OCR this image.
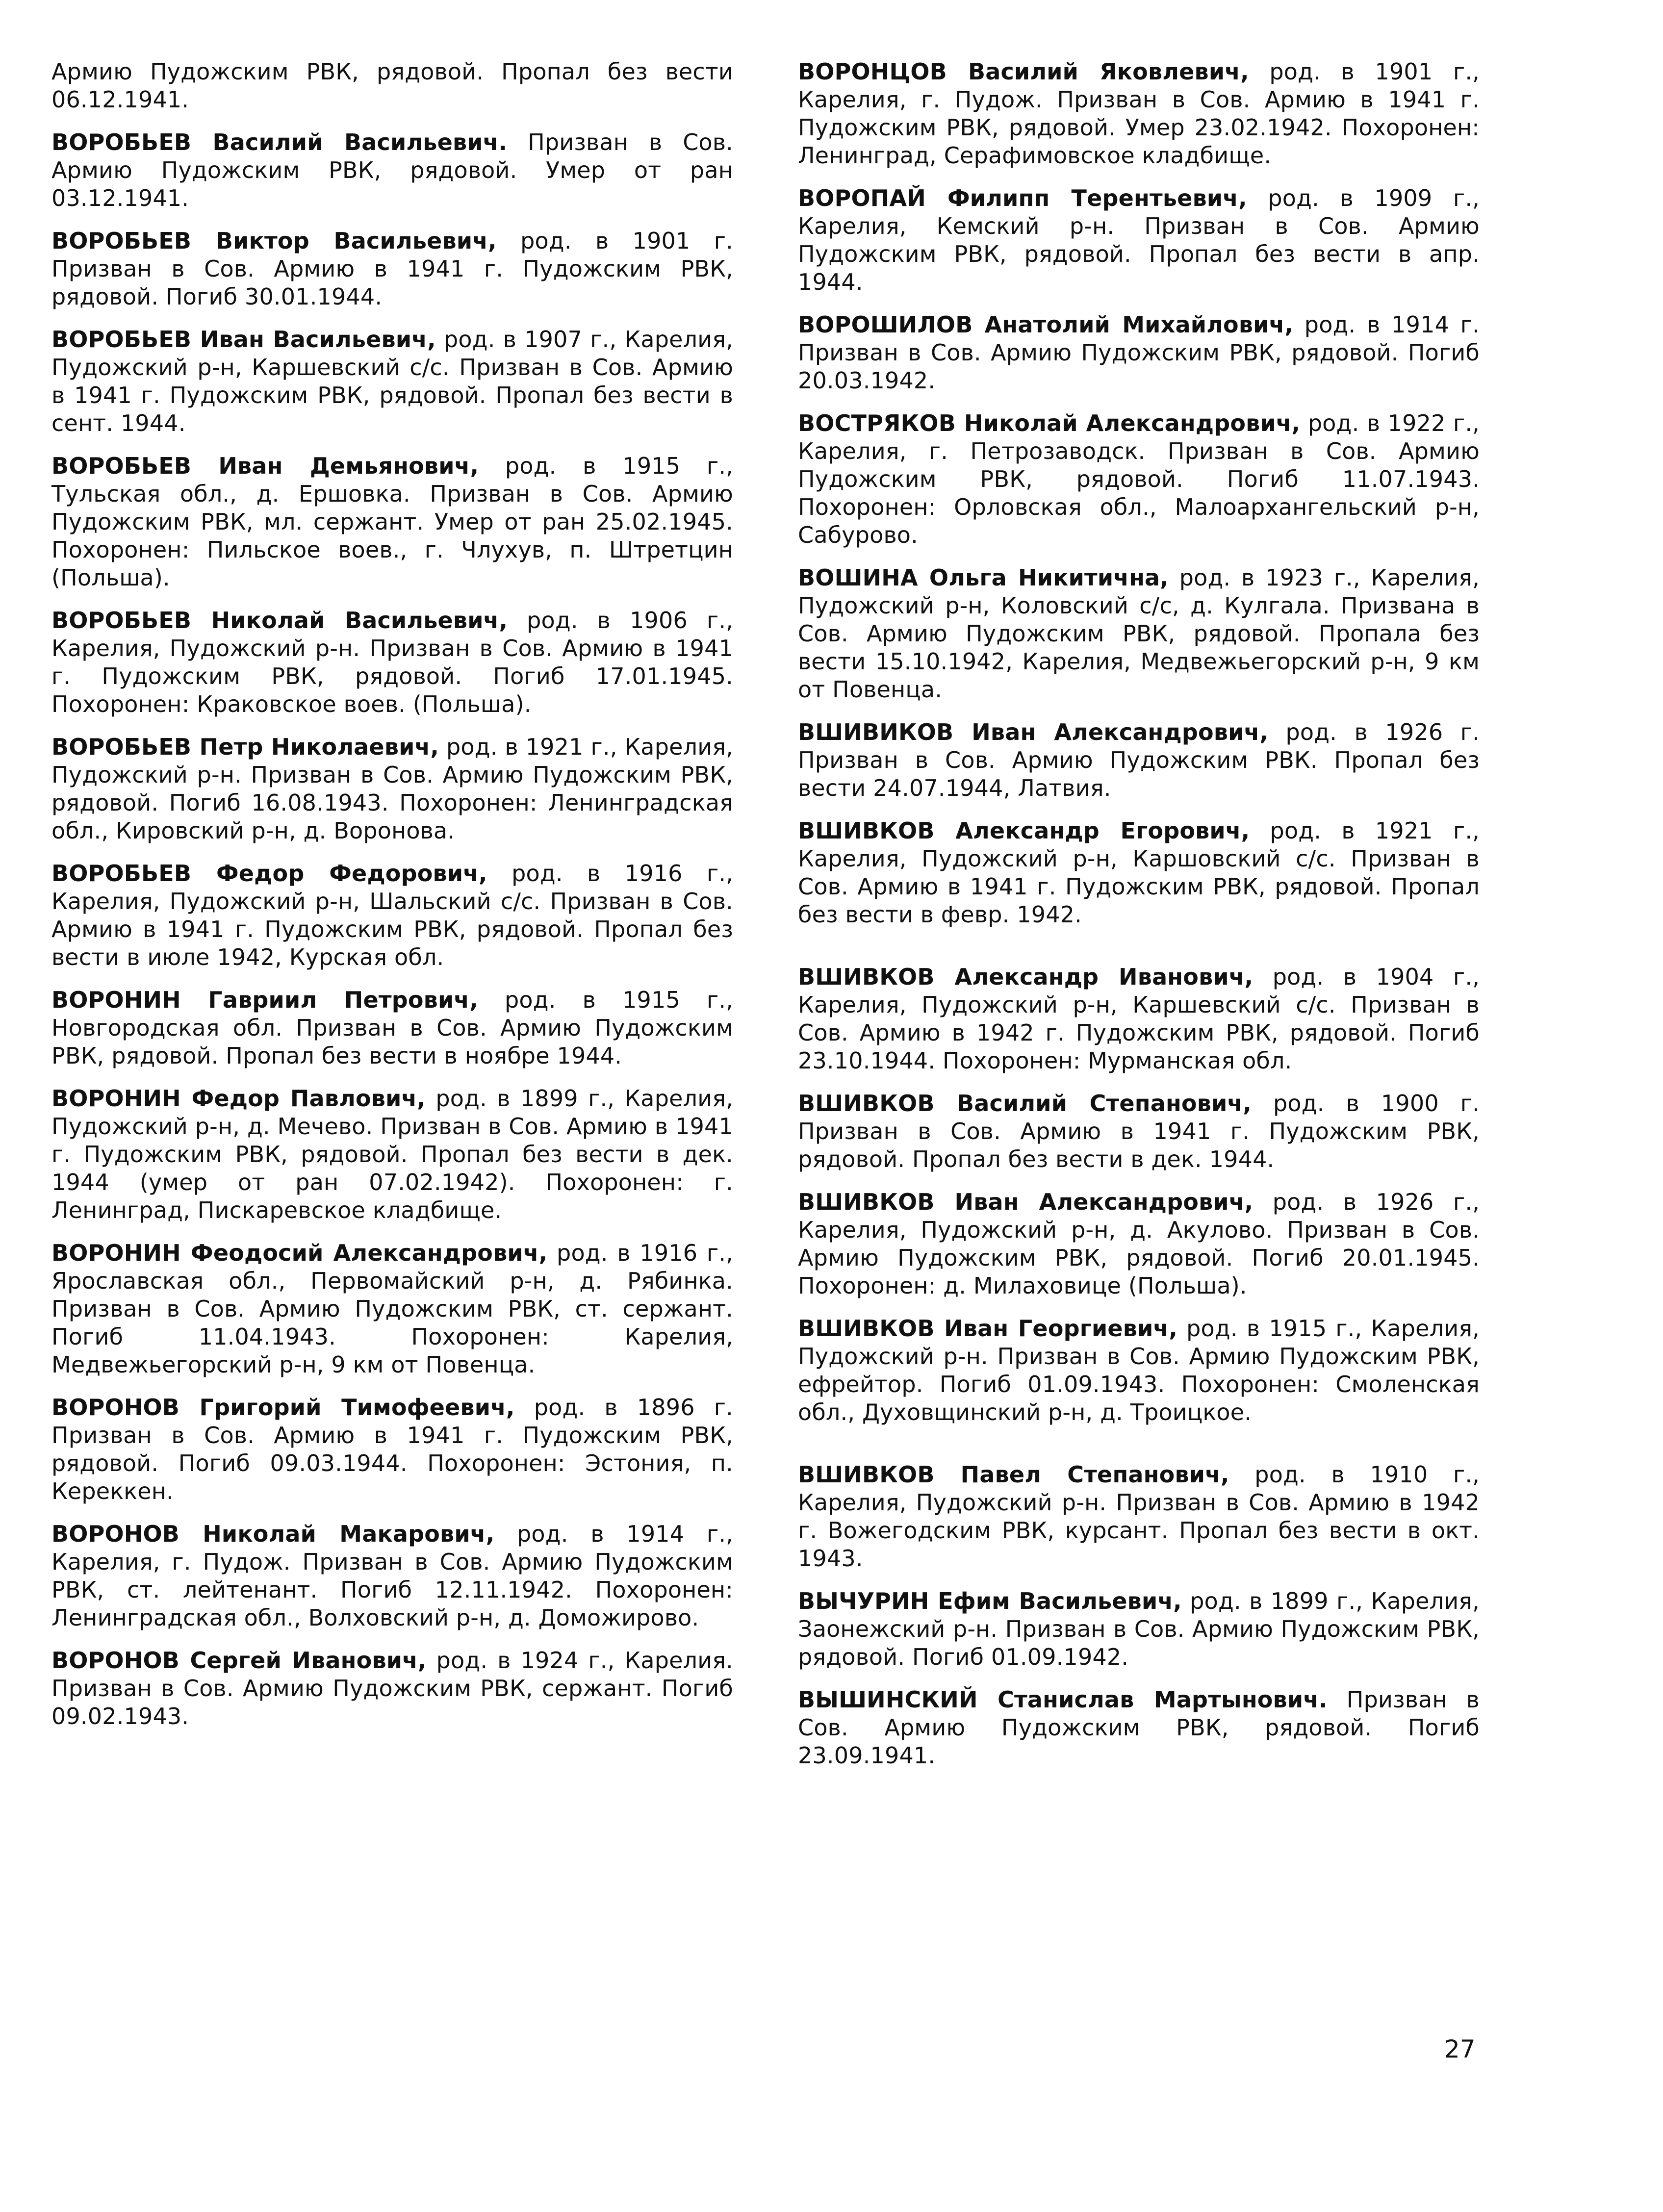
Армию Пудожским РВК, рядовой. Пропал без вести 06.12.1941.

ВОРОБЬЕВ Василий Васильевич. Призван в Сов. Армию Пудожским РВК, рядовой. Умер от ран 03.12.1941.

ВОРОБЬЕВ Виктор Васильевич, род. в 1901 г. Призван в Сов. Армию в 1941 г. Пудожским РВК, рядовой. Погиб 30.01.1944.

ВОРОБЬЕВ Иван Васильевич, род. в 1907 г., Карелия, Пудожский р-н, Каршевский с/с. Призван в Сов. Армию в 1941 г. Пудожским РВК, рядовой. Пропал без вести в сент. 1944.

ВОРОБЬЕВ Иван Демьянович, род. в 1915 г., Тульская обл., д. Ершовка. Призван в Сов. Армию Пудожским РВК, мл. сержант. Умер от ран 25.02.1945. Похоронен: Пильское воев., г. Члухув, п. Штретцин (Польша).

ВОРОБЬЕВ Николай Васильевич, род. в 1906 г., Карелия, Пудожский р-н. Призван в Сов. Армию в 1941 г. Пудожским РВК, рядовой. Погиб 17.01.1945. Похоронен: Краковское воев. (Польша).

ВОРОБЬЕВ Петр Николаевич, род. в 1921 г., Карелия, Пудожский р-н. Призван в Сов. Армию Пудожским РВК, рядовой. Погиб 16.08.1943. Похоронен: Ленинградская обл., Кировский р-н, д. Воронова.

ВОРОБЬЕВ Федор Федорович, род. в 1916 г., Карелия, Пудожский р-н, Шальский с/с. Призван в Сов. Армию в 1941 г. Пудожским РВК, рядовой. Пропал без вести в июле 1942, Курская обл.

ВОРОНИН Гавриил Петрович, род. в 1915 г., Новгородская обл. Призван в Сов. Армию Пудожским РВК, рядовой. Пропал без вести в ноябре 1944.

ВОРОНИН Федор Павлович, род. в 1899 г., Карелия, Пудожский р-н, д. Мечево. Призван в Сов. Армию в 1941 г. Пудожским РВК, рядовой. Пропал без вести в дек. 1944 (умер от ран 07.02.1942). Похоронен: г. Ленинград, Пискаревское кладбище.

ВОРОНИН Феодосий Александрович, род. в 1916 г., Ярославская обл., Первомайский р-н, д. Рябинка. Призван в Сов. Армию Пудожским РВК, ст. сержант. Погиб 11.04.1943. Похоронен: Карелия, Медвежьегорский р-н, 9 км от Повенца.

ВОРОНОВ Григорий Тимофеевич, род. в 1896 г. Призван в Сов. Армию в 1941 г. Пудожским РВК, рядовой. Погиб 09.03.1944. Похоронен: Эстония, п. Кереккен.

ВОРОНОВ Николай Макарович, род. в 1914 г., Карелия, г. Пудож. Призван в Сов. Армию Пудожским РВК, ст. лейтенант. Погиб 12.11.1942. Похоронен: Ленинградская обл., Волховский р-н, д. Доможирово.

ВОРОНОВ Сергей Иванович, род. в 1924 г., Карелия. Призван в Сов. Армию Пудожским РВК, сержант. Погиб 09.02.1943.

ВОРОНЦОВ Василий Яковлевич, род. в 1901 г., Карелия, г. Пудож. Призван в Сов. Армию в 1941 г. Пудожским РВК, рядовой. Умер 23.02.1942. Похоронен: Ленинград, Серафимовское кладбище.

ВОРОПАЙ Филипп Терентьевич, род. в 1909 г., Карелия, Кемский р-н. Призван в Сов. Армию Пудожским РВК, рядовой. Пропал без вести в апр. 1944.

ВОРОШИЛОВ Анатолий Михайлович, род. в 1914 г. Призван в Сов. Армию Пудожским РВК, рядовой. Погиб 20.03.1942.

ВОСТРЯКОВ Николай Александрович, род. в 1922 г., Карелия, г. Петрозаводск. Призван в Сов. Армию Пудожским РВК, рядовой. Погиб 11.07.1943. Похоронен: Орловская обл., Малоархангельский р-н, Сабурово.

ВОШИНА Ольга Никитична, род. в 1923 г., Карелия, Пудожский р-н, Коловский с/с, д. Кулгала. Призвана в Сов. Армию Пудожским РВК, рядовой. Пропала без вести 15.10.1942, Карелия, Медвежьегорский р-н, 9 км от Повенца.

ВШИВИКОВ Иван Александрович, род. в 1926 г. Призван в Сов. Армию Пудожским РВК. Пропал без вести 24.07.1944, Латвия.

ВШИВКОВ Александр Егорович, род. в 1921 г., Карелия, Пудожский р-н, Каршовский с/с. Призван в Сов. Армию в 1941 г. Пудожским РВК, рядовой. Пропал без вести в февр. 1942.

ВШИВКОВ Александр Иванович, род. в 1904 г., Карелия, Пудожский р-н, Каршевский с/с. Призван в Сов. Армию в 1942 г. Пудожским РВК, рядовой. Погиб 23.10.1944. Похоронен: Мурманская обл.

ВШИВКОВ Василий Степанович, род. в 1900 г. Призван в Сов. Армию в 1941 г. Пудожским РВК, рядовой. Пропал без вести в дек. 1944.

ВШИВКОВ Иван Александрович, род. в 1926 г., Карелия, Пудожский р-н, д. Акулово. Призван в Сов. Армию Пудожским РВК, рядовой. Погиб 20.01.1945. Похоронен: д. Милаховице (Польша).

ВШИВКОВ Иван Георгиевич, род. в 1915 г., Карелия, Пудожский р-н. Призван в Сов. Армию Пудожским РВК, ефрейтор. Погиб 01.09.1943. Похоронен: Смоленская обл., Духовщинский р-н, д. Троицкое.

ВШИВКОВ Павел Степанович, род. в 1910 г., Карелия, Пудожский р-н. Призван в Сов. Армию в 1942 г. Вожегодским РВК, курсант. Пропал без вести в окт. 1943.

ВЫЧУРИН Ефим Васильевич, род. в 1899 г., Карелия, Заонежский р-н. Призван в Сов. Армию Пудожским РВК, рядовой. Погиб 01.09.1942.

ВЫШИНСКИЙ Станислав Мартынович. Призван в Сов. Армию Пудожским РВК, рядовой. Погиб 23.09.1941.

27
